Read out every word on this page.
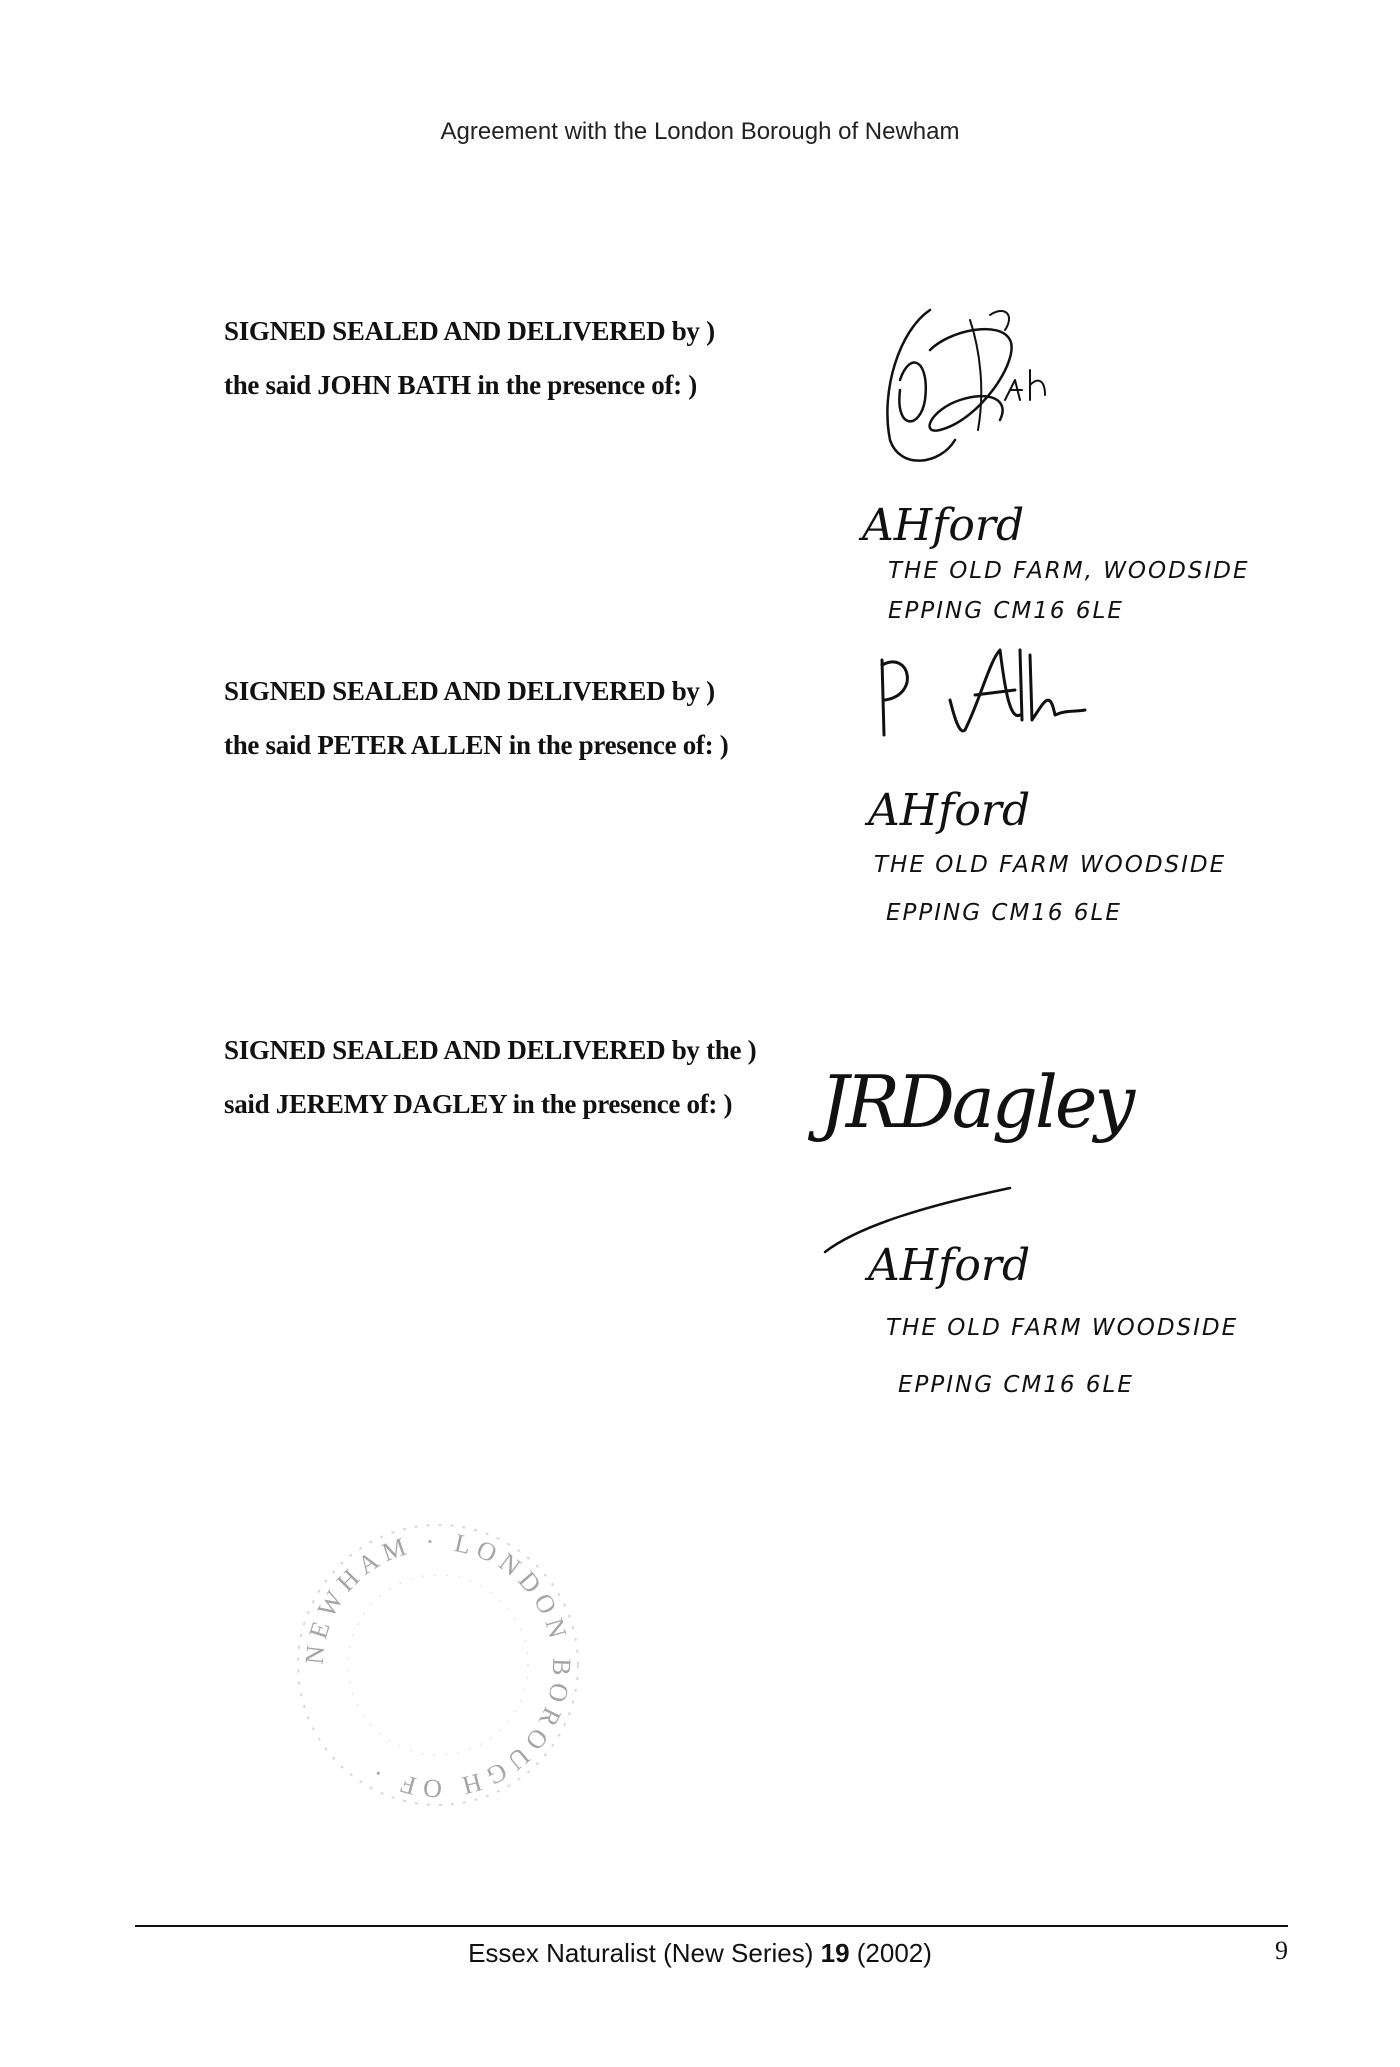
Agreement with the London Borough of Newham
SIGNED SEALED AND DELIVERED by )
the said JOHN BATH in the presence of: )
AHford
THE OLD FARM, WOODSIDE
EPPING CM16 6LE
SIGNED SEALED AND DELIVERED by )
the said PETER ALLEN in the presence of: )
AHford
THE OLD FARM WOODSIDE
EPPING CM16 6LE
SIGNED SEALED AND DELIVERED by the )
said JEREMY DAGLEY in the presence of: )	JRDagley
AHford
THE OLD FARM WOODSIDE
EPPING CM16 6LE
NEWHAM · LONDON BOROUGH OF ·
Essex Naturalist (New Series) 19 (2002)	9
